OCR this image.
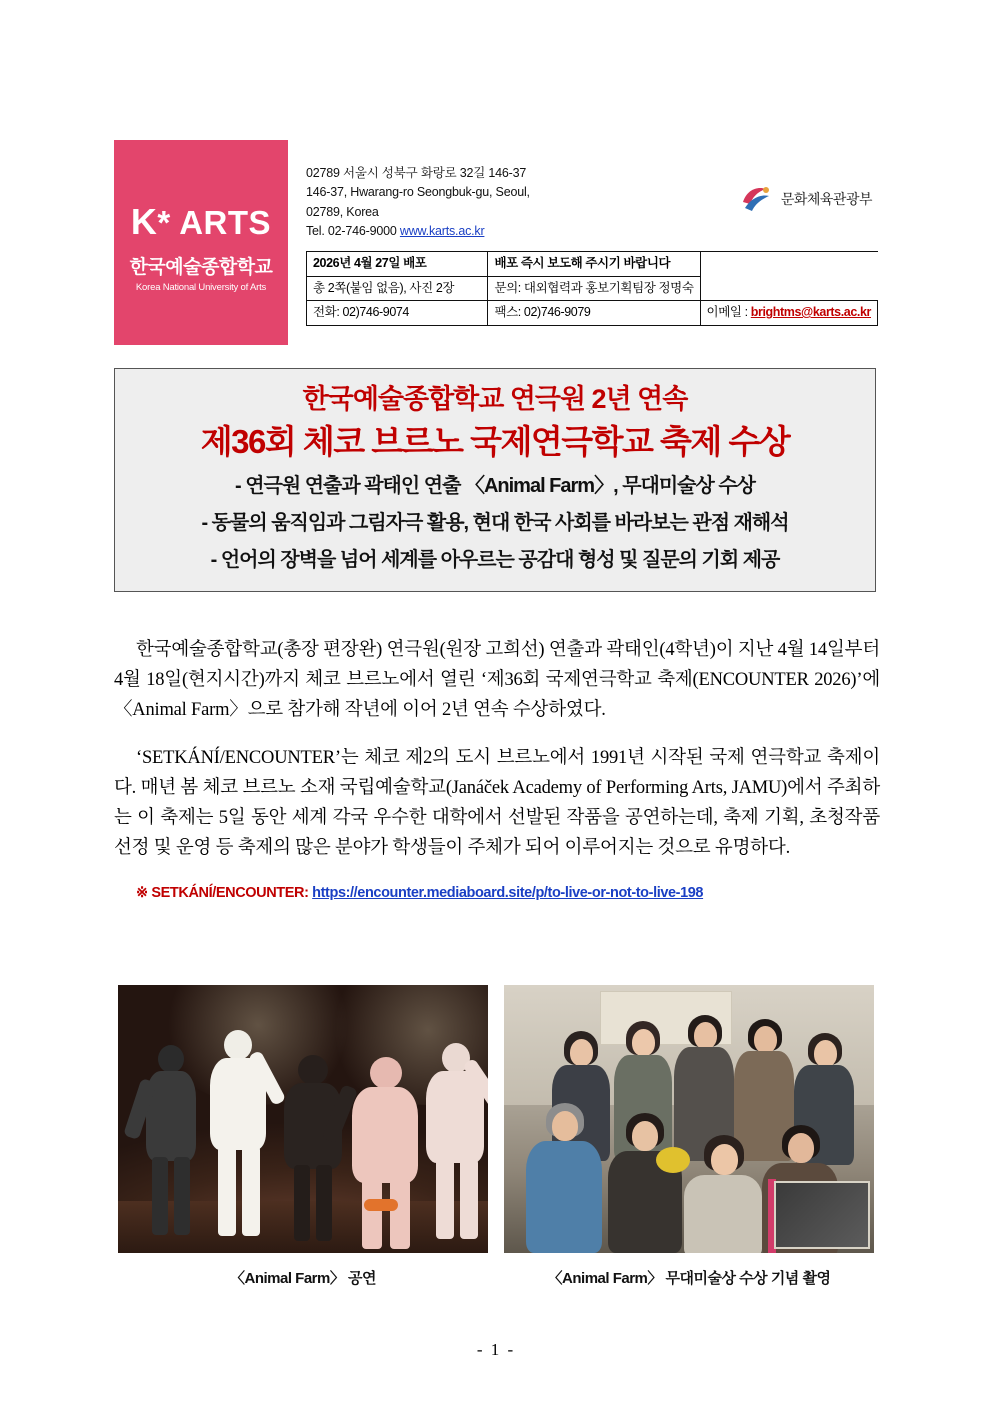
K* ARTS
한국예술종합학교
Korea National University of Arts
02789 서울시 성북구 화랑로 32길 146-37
146-37, Hwarang-ro Seongbuk-gu, Seoul,
02789, Korea
Tel. 02-746-9000 www.karts.ac.kr
문화체육관광부
2026년 4월 27일 배포	배포 즉시 보도해 주시기 바랍니다	
총 2쪽(붙임 없음), 사진 2장	문의: 대외협력과 홍보기획팀장 정명숙	
전화: 02)746-9074	팩스: 02)746-9079	이메일 : brightms@karts.ac.kr
한국예술종합학교 연극원 2년 연속
제36회 체코 브르노 국제연극학교 축제 수상
- 연극원 연출과 곽태인 연출 〈Animal Farm〉, 무대미술상 수상
- 동물의 움직임과 그림자극 활용, 현대 한국 사회를 바라보는 관점 재해석
- 언어의 장벽을 넘어 세계를 아우르는 공감대 형성 및 질문의 기회 제공

한국예술종합학교(총장 편장완) 연극원(원장 고희선) 연출과 곽태인(4학년)이 지난 4월 14일부터 4월 18일(현지시간)까지 체코 브르노에서 열린 ‘제36회 국제연극학교 축제(ENCOUNTER 2026)’에 〈Animal Farm〉으로 참가해 작년에 이어 2년 연속 수상하였다.

‘SETKÁNÍ/ENCOUNTER’는 체코 제2의 도시 브르노에서 1991년 시작된 국제 연극학교 축제이다. 매년 봄 체코 브르노 소재 국립예술학교(Janáček Academy of Performing Arts, JAMU)에서 주최하는 이 축제는 5일 동안 세계 각국 우수한 대학에서 선발된 작품을 공연하는데, 축제 기획, 초청작품 선정 및 운영 등 축제의 많은 분야가 학생들이 주체가 되어 이루어지는 것으로 유명하다.

※ SETKÁNÍ/ENCOUNTER: https://encounter.mediaboard.site/p/to-live-or-not-to-live-198

〈Animal Farm〉 공연	〈Animal Farm〉 무대미술상 수상 기념 촬영
- 1 -
